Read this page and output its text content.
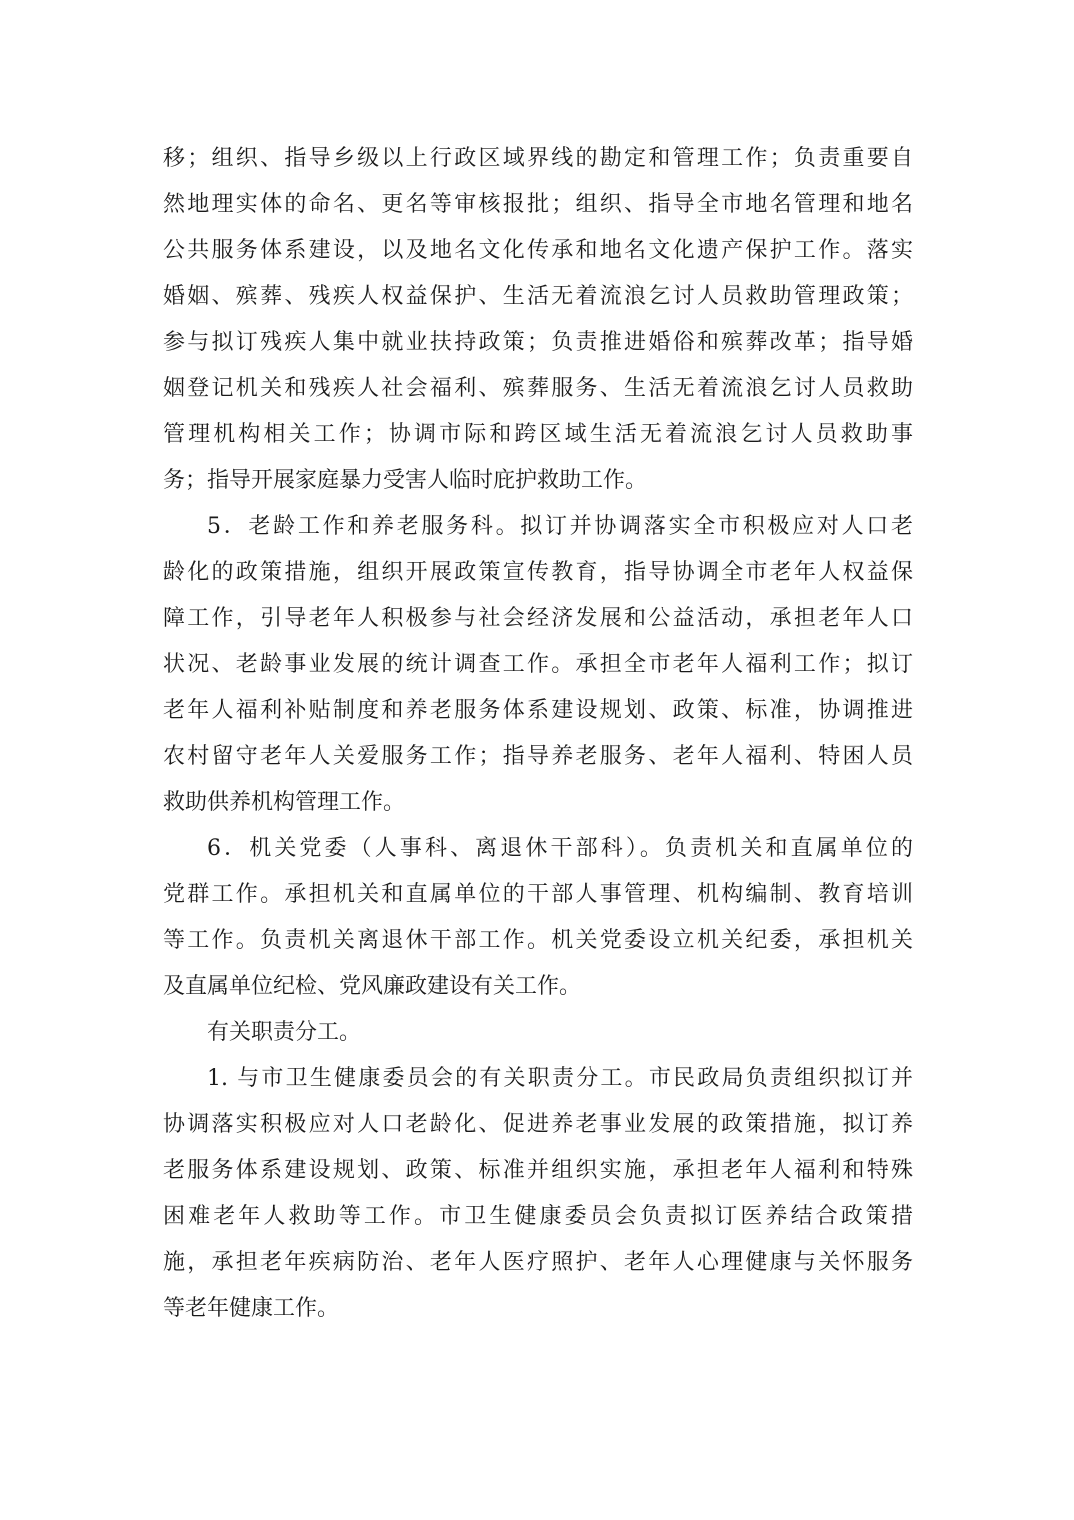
移；组织、指导乡级以上行政区域界线的勘定和管理工作；负责重要自
然地理实体的命名、更名等审核报批；组织、指导全市地名管理和地名
公共服务体系建设，以及地名文化传承和地名文化遗产保护工作。落实
婚姻、殡葬、残疾人权益保护、生活无着流浪乞讨人员救助管理政策；
参与拟订残疾人集中就业扶持政策；负责推进婚俗和殡葬改革；指导婚
姻登记机关和残疾人社会福利、殡葬服务、生活无着流浪乞讨人员救助
管理机构相关工作；协调市际和跨区域生活无着流浪乞讨人员救助事
务；指导开展家庭暴力受害人临时庇护救助工作。
5．老龄工作和养老服务科。拟订并协调落实全市积极应对人口老
龄化的政策措施，组织开展政策宣传教育，指导协调全市老年人权益保
障工作，引导老年人积极参与社会经济发展和公益活动，承担老年人口
状况、老龄事业发展的统计调查工作。承担全市老年人福利工作；拟订
老年人福利补贴制度和养老服务体系建设规划、政策、标准，协调推进
农村留守老年人关爱服务工作；指导养老服务、老年人福利、特困人员
救助供养机构管理工作。
6．机关党委（人事科、离退休干部科）。负责机关和直属单位的
党群工作。承担机关和直属单位的干部人事管理、机构编制、教育培训
等工作。负责机关离退休干部工作。机关党委设立机关纪委，承担机关
及直属单位纪检、党风廉政建设有关工作。
有关职责分工。
1. 与市卫生健康委员会的有关职责分工。市民政局负责组织拟订并
协调落实积极应对人口老龄化、促进养老事业发展的政策措施，拟订养
老服务体系建设规划、政策、标准并组织实施，承担老年人福利和特殊
困难老年人救助等工作。市卫生健康委员会负责拟订医养结合政策措
施，承担老年疾病防治、老年人医疗照护、老年人心理健康与关怀服务
等老年健康工作。
